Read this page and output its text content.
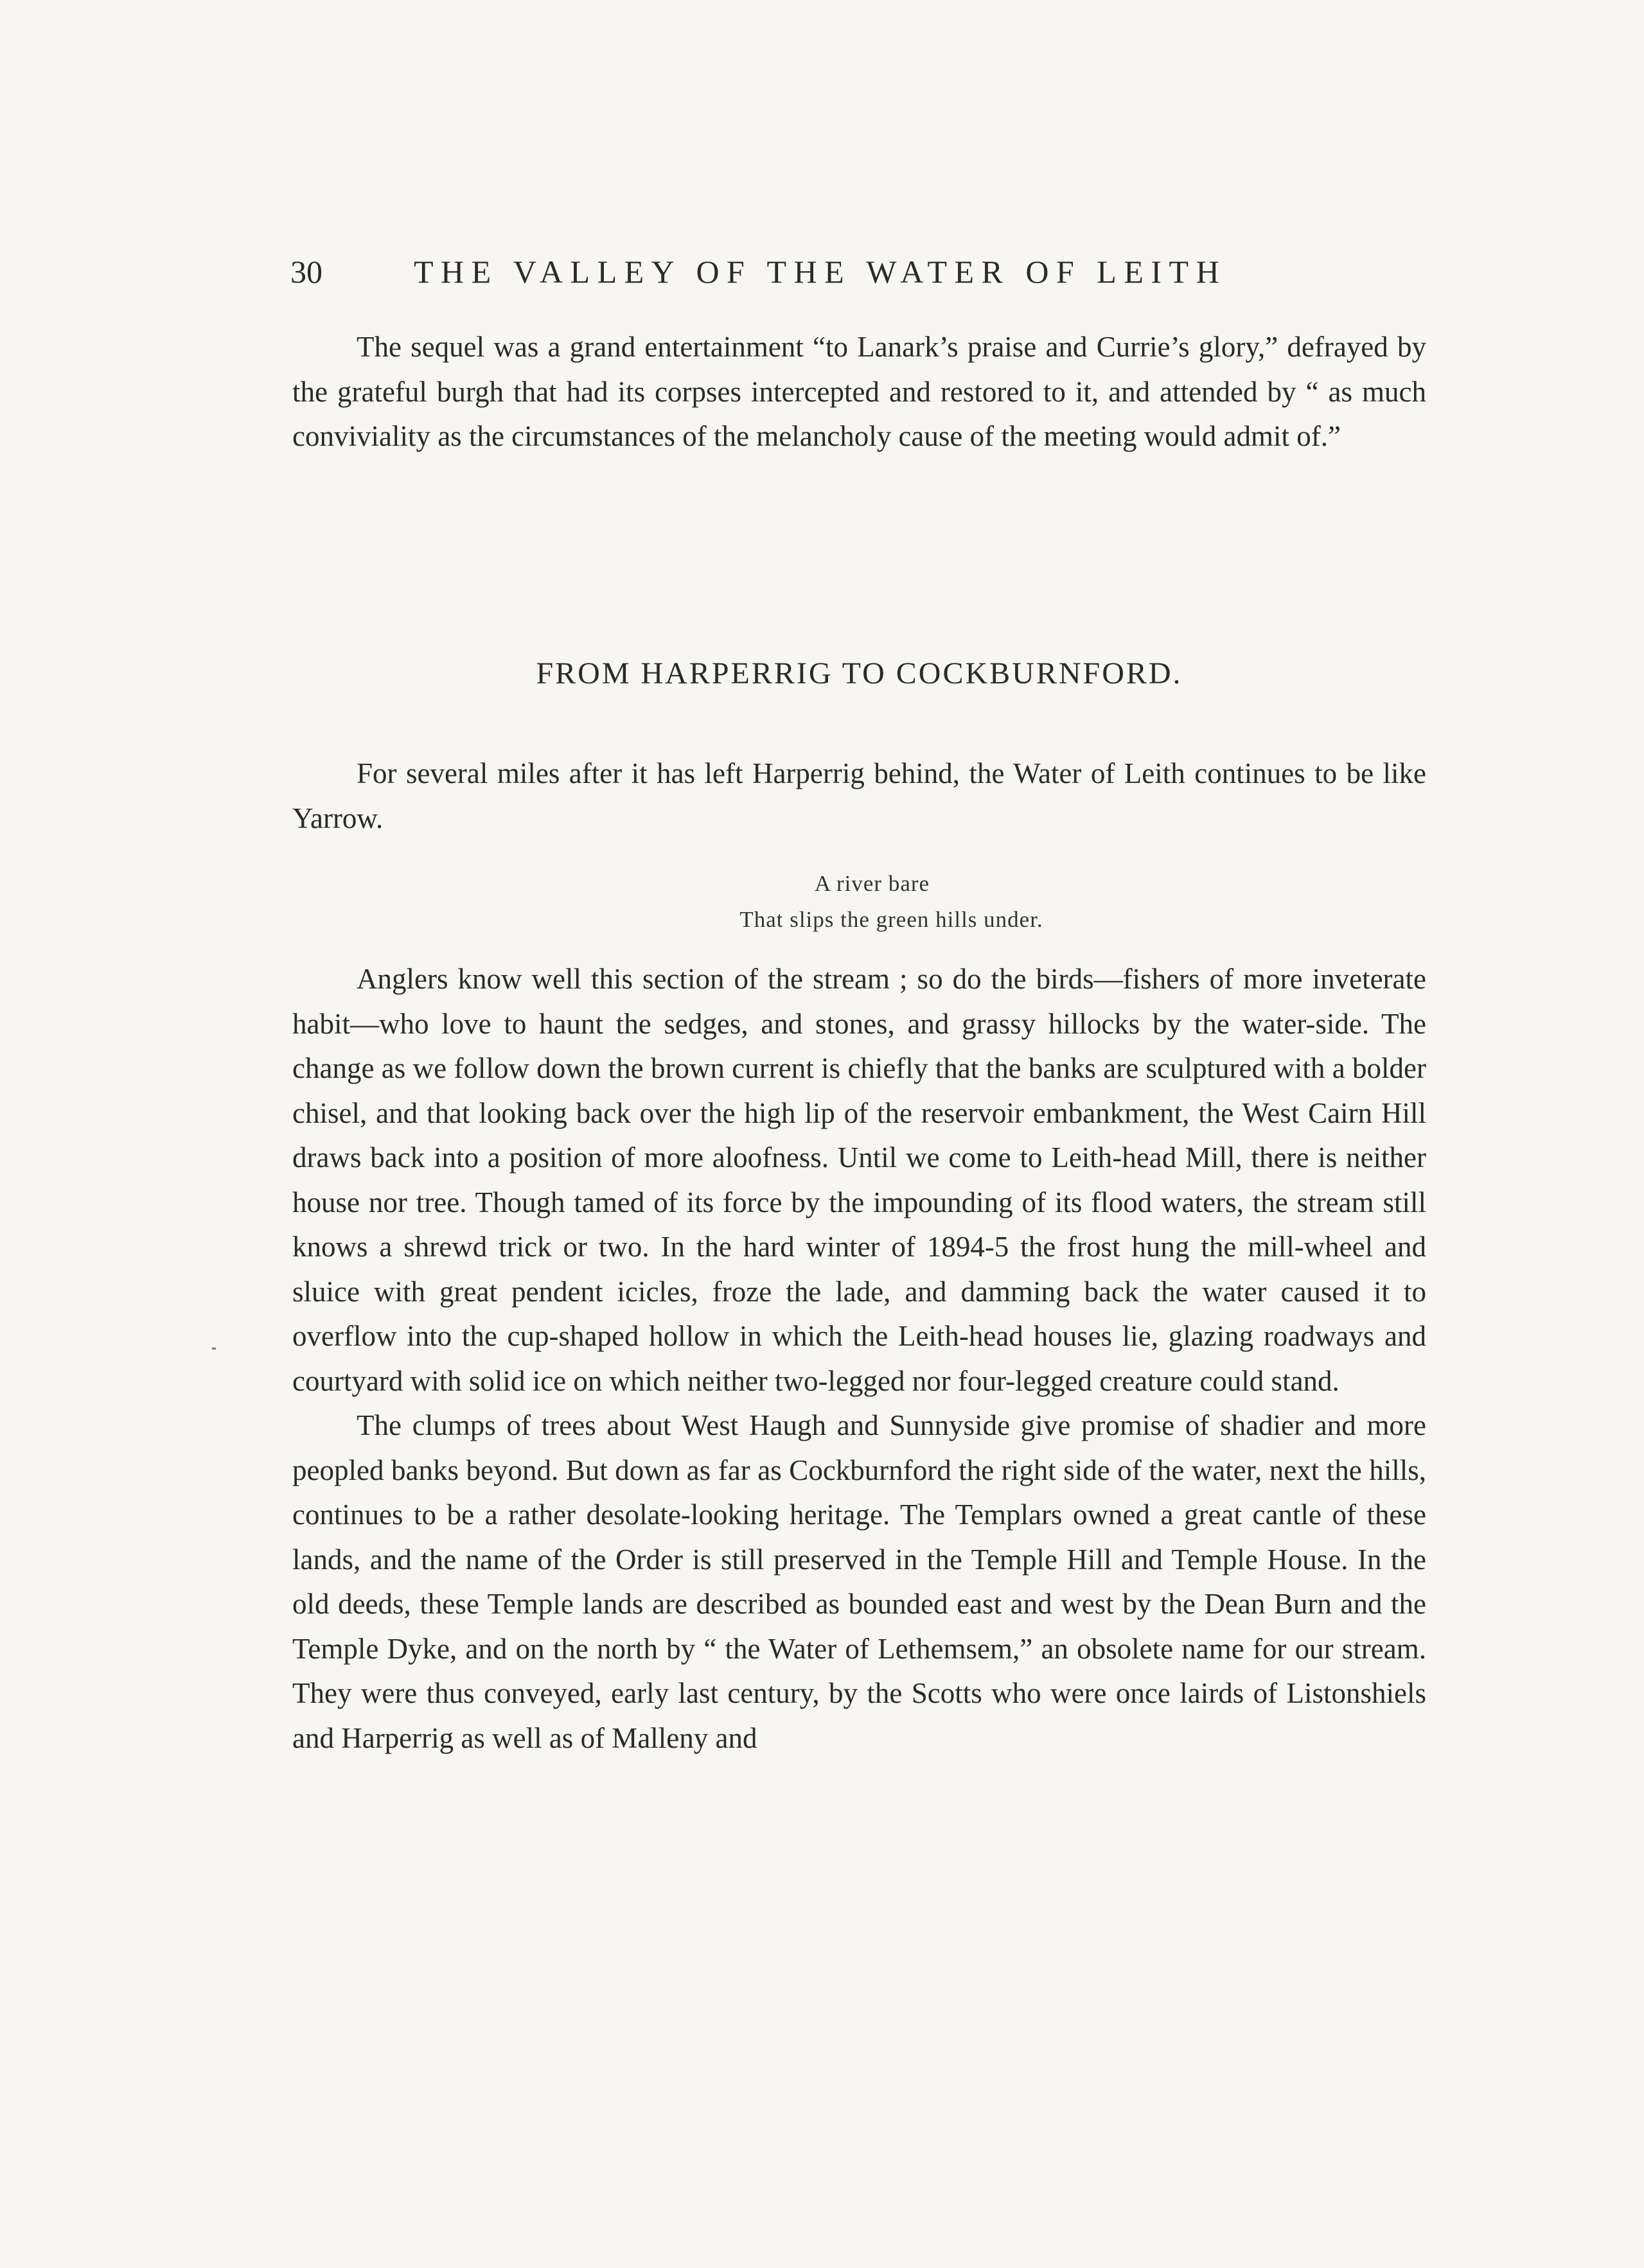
30	THE VALLEY OF THE WATER OF LEITH

The sequel was a grand entertainment “to Lanark’s praise and Currie’s glory,” defrayed by the grateful burgh that had its corpses intercepted and restored to it, and attended by “ as much conviviality as the circumstances of the melancholy cause of the meeting would admit of.”

FROM HARPERRIG TO COCKBURNFORD.

For several miles after it has left Harperrig behind, the Water of Leith continues to be like Yarrow.

A river bare
That slips the green hills under.

Anglers know well this section of the stream ; so do the birds—fishers of more inveterate habit—who love to haunt the sedges, and stones, and grassy hillocks by the water-side. The change as we follow down the brown current is chiefly that the banks are sculptured with a bolder chisel, and that looking back over the high lip of the reservoir embankment, the West Cairn Hill draws back into a position of more aloofness. Until we come to Leith-head Mill, there is neither house nor tree. Though tamed of its force by the impounding of its flood waters, the stream still knows a shrewd trick or two. In the hard winter of 1894-5 the frost hung the mill-wheel and sluice with great pendent icicles, froze the lade, and damming back the water caused it to overflow into the cup-shaped hollow in which the Leith-head houses lie, glazing roadways and courtyard with solid ice on which neither two-legged nor four-legged creature could stand.

The clumps of trees about West Haugh and Sunnyside give promise of shadier and more peopled banks beyond. But down as far as Cockburnford the right side of the water, next the hills, continues to be a rather desolate-looking heritage. The Templars owned a great cantle of these lands, and the name of the Order is still preserved in the Temple Hill and Temple House. In the old deeds, these Temple lands are described as bounded east and west by the Dean Burn and the Temple Dyke, and on the north by “ the Water of Lethemsem,” an obsolete name for our stream. They were thus conveyed, early last century, by the Scotts who were once lairds of Listonshiels and Harperrig as well as of Malleny and
